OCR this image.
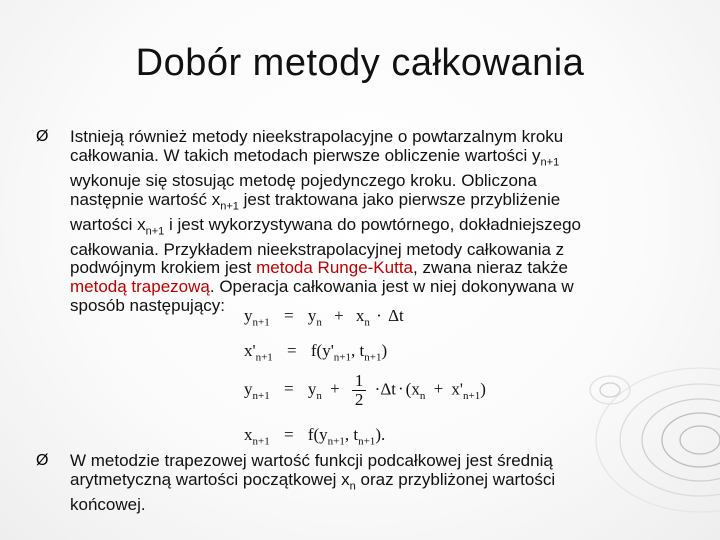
Dobór metody całkowania
Ø Istnieją również metody nieekstrapolacyjne o powtarzalnym kroku
całkowania. W takich metodach pierwsze obliczenie wartości $y_{n+1}$
wykonuje się stosując metodę pojedynczego kroku. Obliczona
następnie wartość $x_{n+1}$ jest traktowana jako pierwsze przybliżenie
wartości $x_{n+1}$ i jest wykorzystywana do powtórnego, dokładniejszego
całkowania. Przykładem nieekstrapolacyjnej metody całkowania z
podwójnym krokiem jest metoda Runge-Kutta, zwana nieraz także
metodą trapezową. Operacja całkowania jest w niej dokonywana w
sposób następujący:
$y_{n+1} = y_n + x_n \cdot \Delta t$
$x'_{n+1} = f(y'_{n+1}$, $t_{n+1}$)
$y_{n+1} = y_n + \frac{1}{2} \cdot\Delta t \cdot (x_n + x'_{n+1})$
$x_{n+1} = f(y_{n+1}$, $t_{n+1}$).
Ø W metodzie trapezowej wartość funkcji podcałkowej jest średnią
arytmetyczną wartości początkowej $x_n$ oraz przybliżonej wartości
końcowej.
